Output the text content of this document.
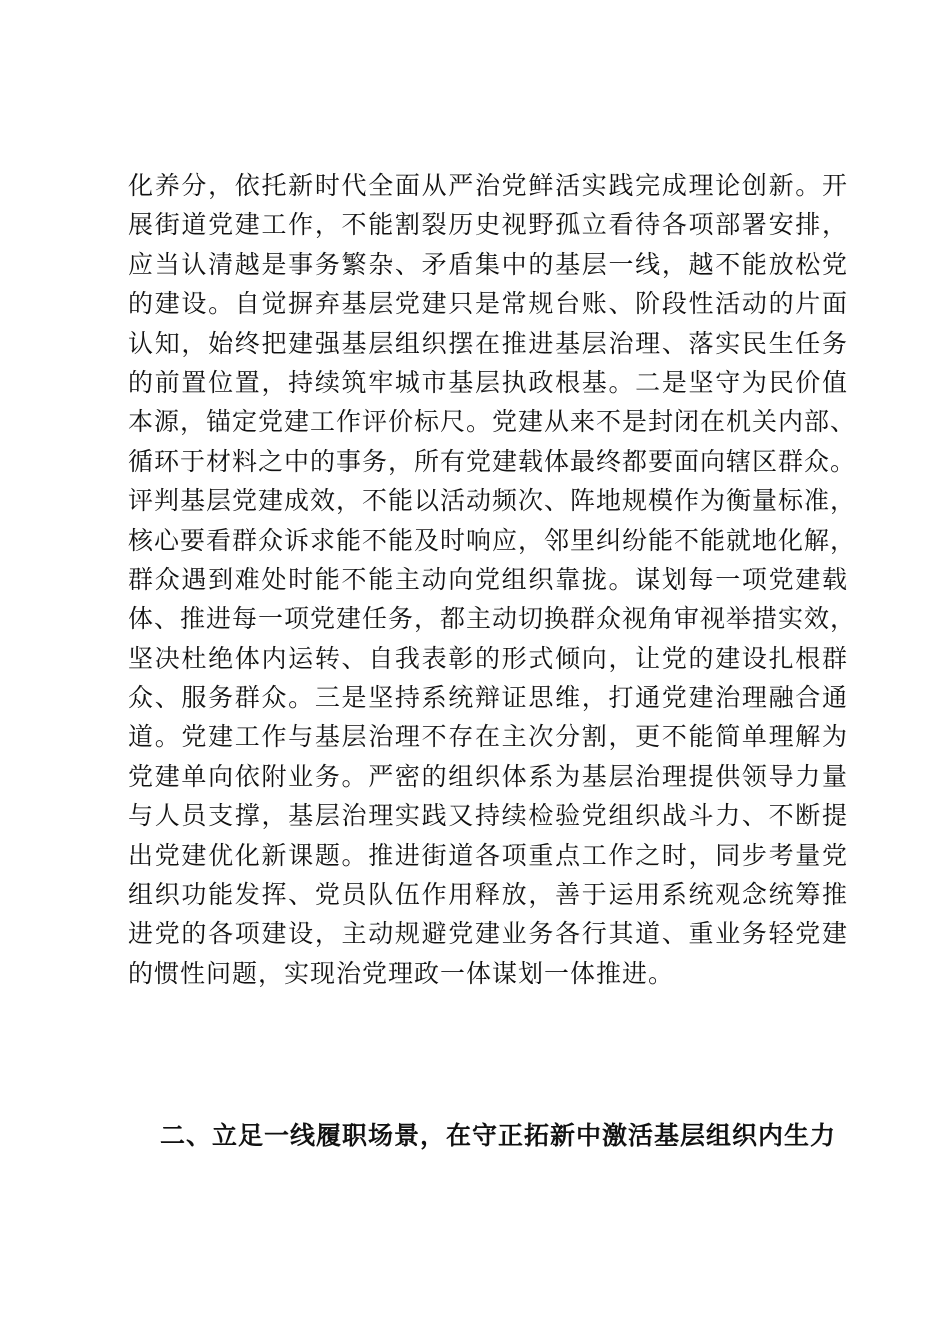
化养分，依托新时代全面从严治党鲜活实践完成理论创新。开
展街道党建工作，不能割裂历史视野孤立看待各项部署安排，
应当认清越是事务繁杂、矛盾集中的基层一线，越不能放松党
的建设。自觉摒弃基层党建只是常规台账、阶段性活动的片面
认知，始终把建强基层组织摆在推进基层治理、落实民生任务
的前置位置，持续筑牢城市基层执政根基。二是坚守为民价值
本源，锚定党建工作评价标尺。党建从来不是封闭在机关内部、
循环于材料之中的事务，所有党建载体最终都要面向辖区群众。
评判基层党建成效，不能以活动频次、阵地规模作为衡量标准，
核心要看群众诉求能不能及时响应，邻里纠纷能不能就地化解，
群众遇到难处时能不能主动向党组织靠拢。谋划每一项党建载
体、推进每一项党建任务，都主动切换群众视角审视举措实效，
坚决杜绝体内运转、自我表彰的形式倾向，让党的建设扎根群
众、服务群众。三是坚持系统辩证思维，打通党建治理融合通
道。党建工作与基层治理不存在主次分割，更不能简单理解为
党建单向依附业务。严密的组织体系为基层治理提供领导力量
与人员支撑，基层治理实践又持续检验党组织战斗力、不断提
出党建优化新课题。推进街道各项重点工作之时，同步考量党
组织功能发挥、党员队伍作用释放，善于运用系统观念统筹推
进党的各项建设，主动规避党建业务各行其道、重业务轻党建
的惯性问题，实现治党理政一体谋划一体推进。
二、立足一线履职场景，在守正拓新中激活基层组织内生力
